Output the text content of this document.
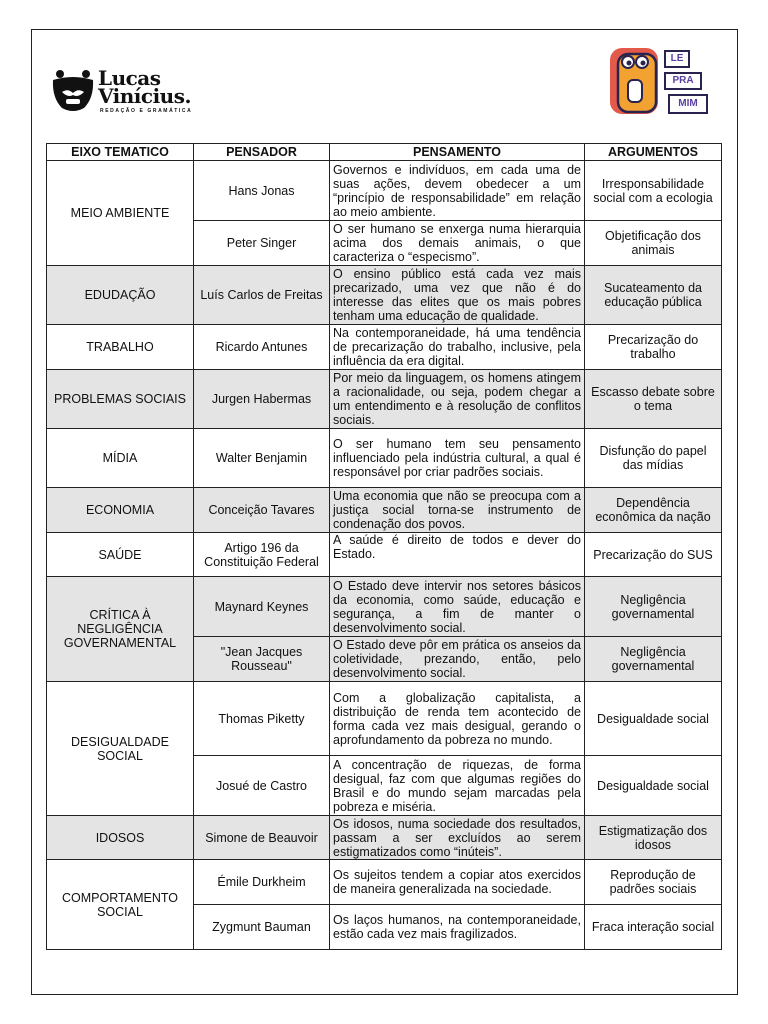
Lucas
Vinícius.
REDAÇÃO E GRAMÁTICA
LE
PRA
MIM
EIXO TEMATICO	PENSADOR	PENSAMENTO	ARGUMENTOS
MEIO AMBIENTE	Hans Jonas	Governos e indivíduos, em cada uma de suas ações, devem obedecer a um “princípio de responsabilidade” em relação ao meio ambiente.	Irresponsabilidade social com a ecologia
	Peter Singer	O ser humano se enxerga numa hierarquia acima dos demais animais, o que caracteriza o “especismo”.	Objetificação dos animais
EDUDAÇÃO	Luís Carlos de Freitas	O ensino público está cada vez mais precarizado, uma vez que não é do interesse das elites que os mais pobres tenham uma educação de qualidade.	Sucateamento da educação pública
TRABALHO	Ricardo Antunes	Na contemporaneidade, há uma tendência de precarização do trabalho, inclusive, pela influência da era digital.	Precarização do trabalho
PROBLEMAS SOCIAIS	Jurgen Habermas	Por meio da linguagem, os homens atingem a racionalidade, ou seja, podem chegar a um entendimento e à resolução de conflitos sociais.	Escasso debate sobre o tema
MÍDIA	Walter Benjamin	O ser humano tem seu pensamento influenciado pela indústria cultural, a qual é responsável por criar padrões sociais.	Disfunção do papel das mídias
ECONOMIA	Conceição Tavares	Uma economia que não se preocupa com a justiça social torna-se instrumento de condenação dos povos.	Dependência econômica da nação
SAÚDE	Artigo 196 da Constituição Federal	A saúde é direito de todos e dever do Estado.	Precarização do SUS
CRÍTICA À NEGLIGÊNCIA GOVERNAMENTAL	Maynard Keynes	O Estado deve intervir nos setores básicos da economia, como saúde, educação e segurança, a fim de manter o desenvolvimento social.	Negligência governamental
	"Jean Jacques Rousseau"	O Estado deve pôr em prática os anseios da coletividade, prezando, então, pelo desenvolvimento social.	Negligência governamental
DESIGUALDADE SOCIAL	Thomas Piketty	Com a globalização capitalista, a distribuição de renda tem acontecido de forma cada vez mais desigual, gerando o aprofundamento da pobreza no mundo.	Desigualdade social
	Josué de Castro	A concentração de riquezas, de forma desigual, faz com que algumas regiões do Brasil e do mundo sejam marcadas pela pobreza e miséria.	Desigualdade social
IDOSOS	Simone de Beauvoir	Os idosos, numa sociedade dos resultados, passam a ser excluídos ao serem estigmatizados como “inúteis”.	Estigmatização dos idosos
COMPORTAMENTO SOCIAL	Émile Durkheim	Os sujeitos tendem a copiar atos exercidos de maneira generalizada na sociedade.	Reprodução de padrões sociais
	Zygmunt Bauman	Os laços humanos, na contemporaneidade, estão cada vez mais fragilizados.	Fraca interação social
